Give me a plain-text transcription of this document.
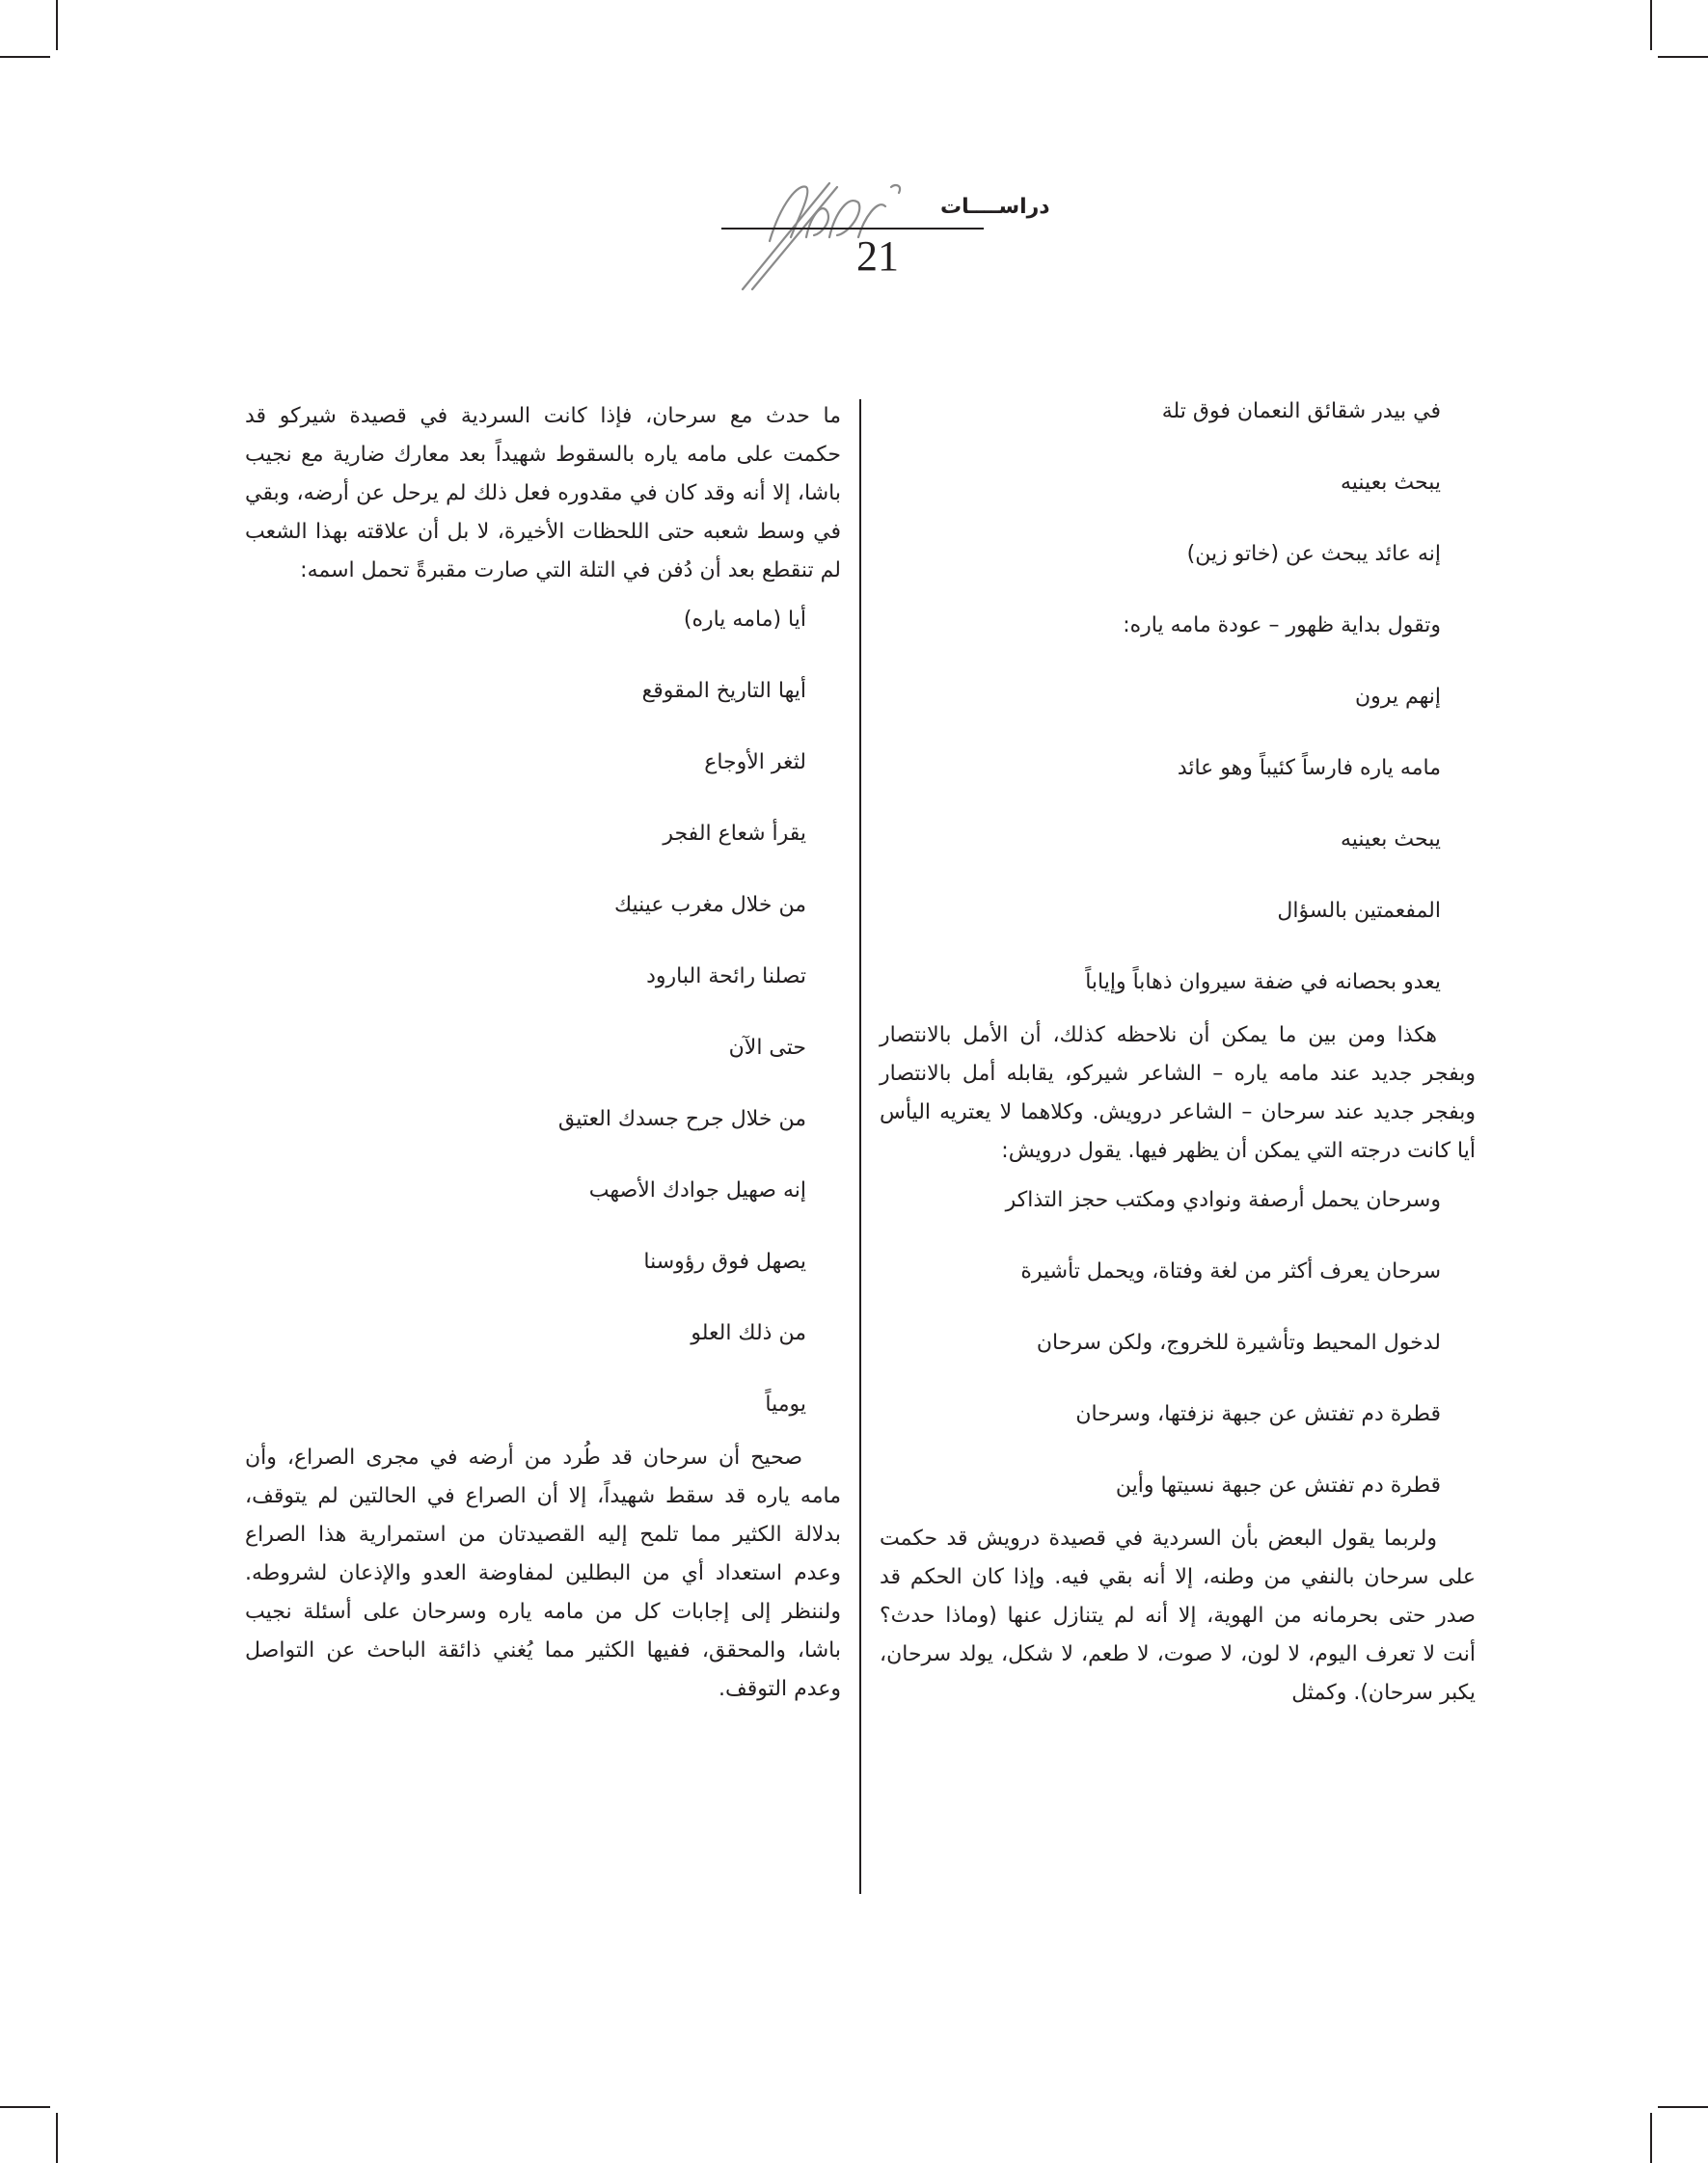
دراســــات
21

في بيدر شقائق النعمان فوق تلة

يبحث بعينيه

إنه عائد يبحث عن (خاتو زين)

وتقول بداية ظهور – عودة مامه ياره:

إنهم يرون

مامه ياره فارساً كئيباً وهو عائد

يبحث بعينيه

المفعمتين بالسؤال

يعدو بحصانه في ضفة سيروان ذهاباً وإياباً

هكذا ومن بين ما يمكن أن نلاحظه كذلك، أن الأمل بالانتصار وبفجر جديد عند مامه ياره – الشاعر شيركو، يقابله أمل بالانتصار وبفجر جديد عند سرحان – الشاعر درويش. وكلاهما لا يعتريه اليأس أيا كانت درجته التي يمكن أن يظهر فيها. يقول درويش:

وسرحان يحمل أرصفة ونوادي ومكتب حجز التذاكر

سرحان يعرف أكثر من لغة وفتاة، ويحمل تأشيرة

لدخول المحيط وتأشيرة للخروج، ولكن سرحان

قطرة دم تفتش عن جبهة نزفتها، وسرحان

قطرة دم تفتش عن جبهة نسيتها وأين

ولربما يقول البعض بأن السردية في قصيدة درويش قد حكمت على سرحان بالنفي من وطنه، إلا أنه بقي فيه. وإذا كان الحكم قد صدر حتى بحرمانه من الهوية، إلا أنه لم يتنازل عنها (وماذا حدث؟ أنت لا تعرف اليوم، لا لون، لا صوت، لا طعم، لا شكل، يولد سرحان، يكبر سرحان). وكمثل

ما حدث مع سرحان، فإذا كانت السردية في قصيدة شيركو قد حكمت على مامه ياره بالسقوط شهيداً بعد معارك ضارية مع نجيب باشا، إلا أنه وقد كان في مقدوره فعل ذلك لم يرحل عن أرضه، وبقي في وسط شعبه حتى اللحظات الأخيرة، لا بل أن علاقته بهذا الشعب لم تنقطع بعد أن دُفن في التلة التي صارت مقبرةً تحمل اسمه:

أيا (مامه ياره)

أيها التاريخ المقوقع

لثغر الأوجاع

يقرأ شعاع الفجر

من خلال مغرب عينيك

تصلنا رائحة البارود

حتى الآن

من خلال جرح جسدك العتيق

إنه صهيل جوادك الأصهب

يصهل فوق رؤوسنا

من ذلك العلو

يومياً

صحيح أن سرحان قد طُرد من أرضه في مجرى الصراع، وأن مامه ياره قد سقط شهيداً، إلا أن الصراع في الحالتين لم يتوقف، بدلالة الكثير مما تلمح إليه القصيدتان من استمرارية هذا الصراع وعدم استعداد أي من البطلين لمفاوضة العدو والإذعان لشروطه. ولننظر إلى إجابات كل من مامه ياره وسرحان على أسئلة نجيب باشا، والمحقق، ففيها الكثير مما يُغني ذائقة الباحث عن التواصل وعدم التوقف.
